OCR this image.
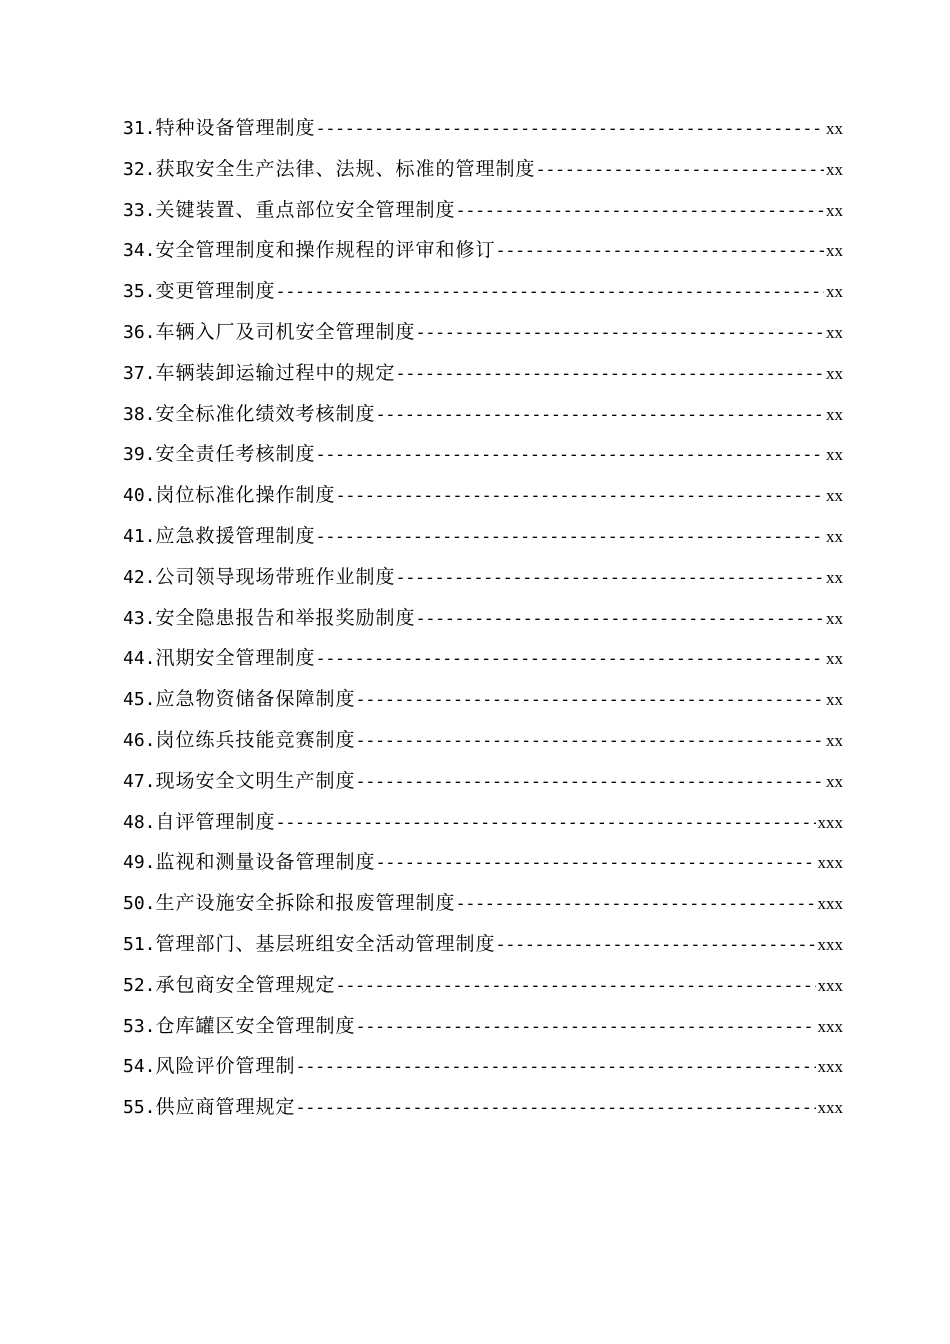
31. 特种设备管理制度 -----	xx
32. 获取安全生产法律、法规、标准的管理制度 -----	xx
33. 关键装置、重点部位安全管理制度 -----	xx
34. 安全管理制度和操作规程的评审和修订 -----	xx
35. 变更管理制度 -----	xx
36. 车辆入厂及司机安全管理制度 -----	xx
37. 车辆装卸运输过程中的规定 -----	xx
38. 安全标准化绩效考核制度 -----	xx
39. 安全责任考核制度 -----	xx
40. 岗位标准化操作制度 -----	xx
41. 应急救援管理制度 -----	xx
42. 公司领导现场带班作业制度 -----	xx
43. 安全隐患报告和举报奖励制度 -----	xx
44. 汛期安全管理制度 -----	xx
45. 应急物资储备保障制度 -----	xx
46. 岗位练兵技能竞赛制度 -----	xx
47. 现场安全文明生产制度 -----	xx
48. 自评管理制度 -----	xxx
49. 监视和测量设备管理制度 -----	xxx
50. 生产设施安全拆除和报废管理制度 -----	xxx
51. 管理部门、基层班组安全活动管理制度 -----	xxx
52. 承包商安全管理规定 -----	xxx
53. 仓库罐区安全管理制度 -----	xxx
54. 风险评价管理制 -----	xxx
55. 供应商管理规定 -----	xxx
